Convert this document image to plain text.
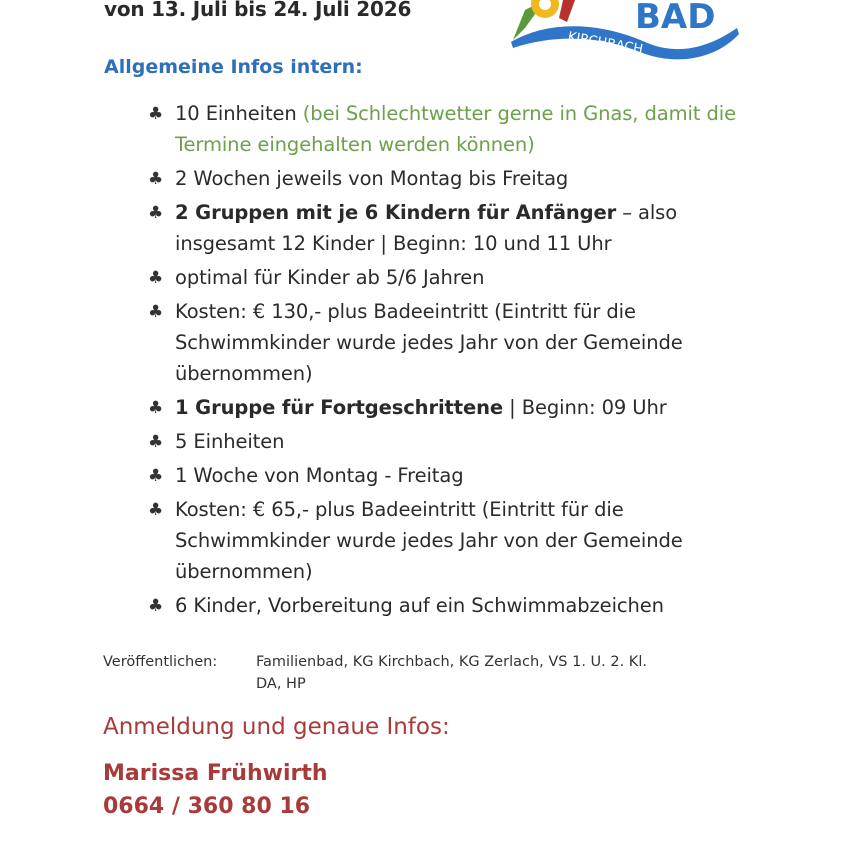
von 13. Juli bis 24. Juli 2026	BAD
KIRCHBACH
Allgemeine Infos intern:
♣ 10 Einheiten (bei Schlechtwetter gerne in Gnas, damit die Termine eingehalten werden können)
♣ 2 Wochen jeweils von Montag bis Freitag
♣ 2 Gruppen mit je 6 Kindern für Anfänger – also insgesamt 12 Kinder | Beginn: 10 und 11 Uhr
♣ optimal für Kinder ab 5/6 Jahren
♣ Kosten: € 130,- plus Badeeintritt (Eintritt für die Schwimmkinder wurde jedes Jahr von der Gemeinde übernommen)
♣ 1 Gruppe für Fortgeschrittene | Beginn: 09 Uhr
♣ 5 Einheiten
♣ 1 Woche von Montag - Freitag
♣ Kosten: € 65,- plus Badeeintritt (Eintritt für die Schwimmkinder wurde jedes Jahr von der Gemeinde übernommen)
♣ 6 Kinder, Vorbereitung auf ein Schwimmabzeichen
Veröffentlichen:	Familienbad, KG Kirchbach, KG Zerlach, VS 1. U. 2. Kl.
DA, HP
Anmeldung und genaue Infos:
Marissa Frühwirth
0664 / 360 80 16
